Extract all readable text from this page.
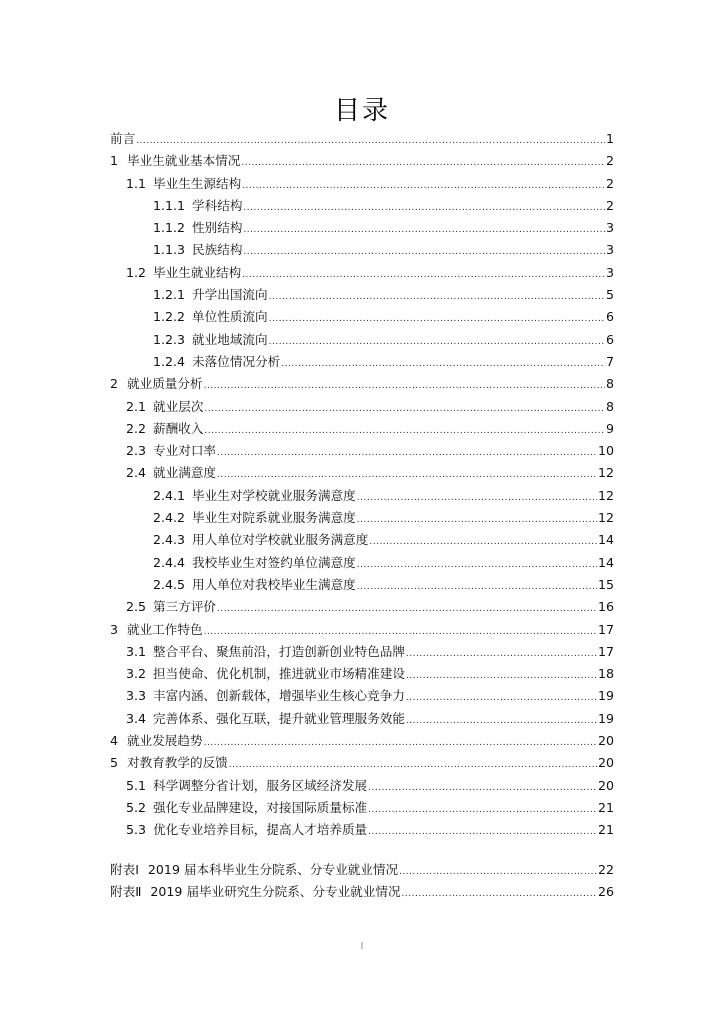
目录
前言 .....	1
1 毕业生就业基本情况 .....	2
1.1 毕业生生源结构 .....	2
1.1.1 学科结构 .....	2
1.1.2 性别结构 .....	3
1.1.3 民族结构 .....	3
1.2 毕业生就业结构 .....	3
1.2.1 升学出国流向 .....	5
1.2.2 单位性质流向 .....	6
1.2.3 就业地域流向 .....	6
1.2.4 未落位情况分析 .....	7
2 就业质量分析 .....	8
2.1 就业层次 .....	8
2.2 薪酬收入 .....	9
2.3 专业对口率 .....	10
2.4 就业满意度 .....	12
2.4.1 毕业生对学校就业服务满意度 .....	12
2.4.2 毕业生对院系就业服务满意度 .....	12
2.4.3 用人单位对学校就业服务满意度 .....	14
2.4.4 我校毕业生对签约单位满意度 .....	14
2.4.5 用人单位对我校毕业生满意度 .....	15
2.5 第三方评价 .....	16
3 就业工作特色 .....	17
3.1 整合平台、聚焦前沿，打造创新创业特色品牌 .....	17
3.2 担当使命、优化机制，推进就业市场精准建设 .....	18
3.3 丰富内涵、创新载体，增强毕业生核心竞争力 .....	19
3.4 完善体系、强化互联，提升就业管理服务效能 .....	19
4 就业发展趋势 .....	20
5 对教育教学的反馈 .....	20
5.1 科学调整分省计划，服务区域经济发展 .....	20
5.2 强化专业品牌建设，对接国际质量标准 .....	21
5.3 优化专业培养目标，提高人才培养质量 .....	21
附表Ⅰ 2019 届本科毕业生分院系、分专业就业情况 .....	22
附表Ⅱ 2019 届毕业研究生分院系、分专业就业情况 .....	26
I
